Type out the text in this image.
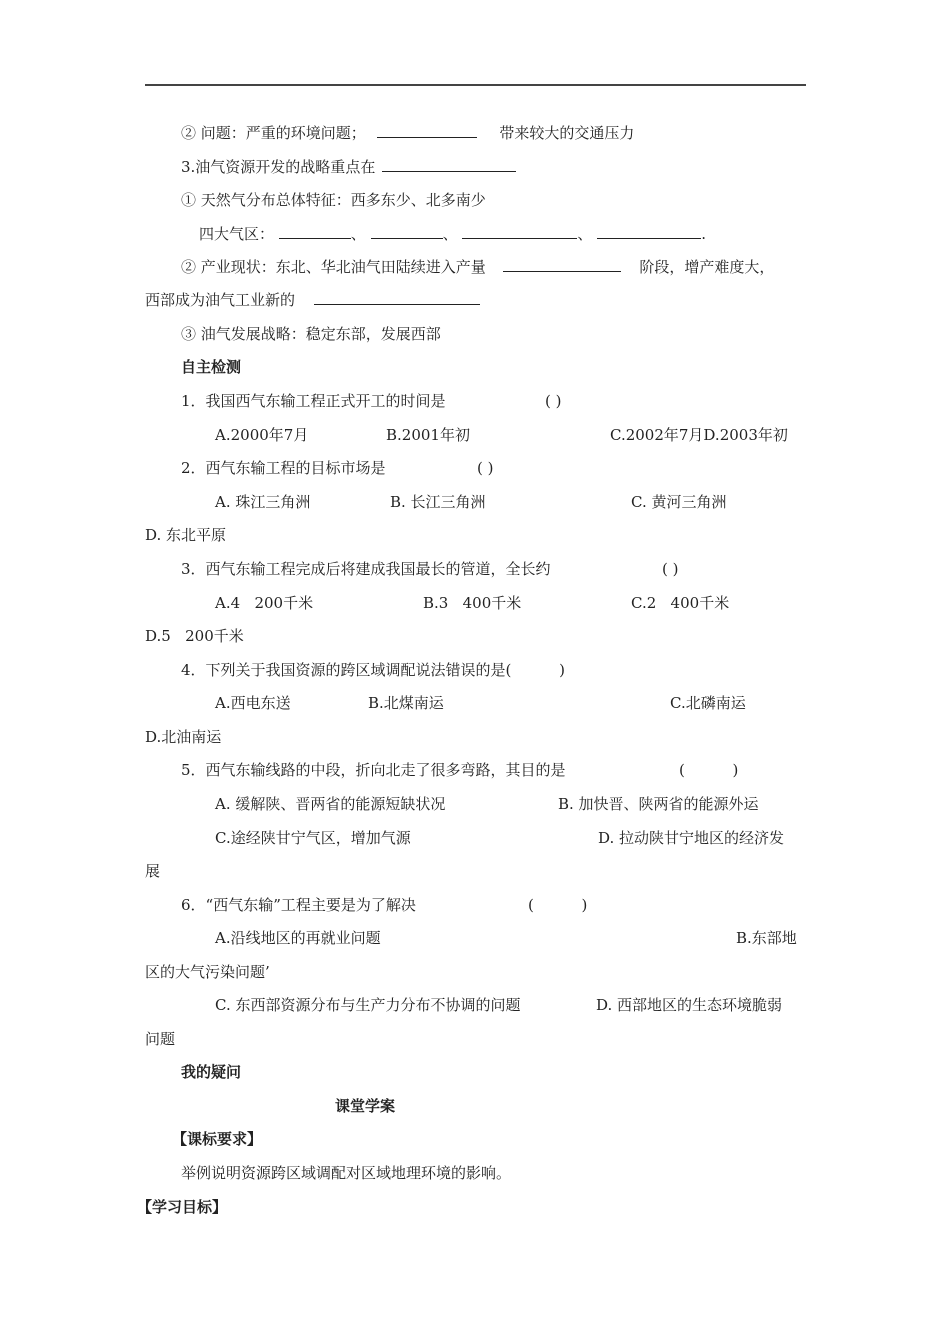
② 问题：严重的环境问题；	带来较大的交通压力
3.油气资源开发的战略重点在
① 天然气分布总体特征：西多东少、北多南少
四大气区：	、	、	、	.
② 产业现状：东北、华北油气田陆续进入产量	阶段，增产难度大，
西部成为油气工业新的
③ 油气发展战略：稳定东部，发展西部
自主检测
1．我国西气东输工程正式开工的时间是	( )
A.2000年7月	B.2001年初	C.2002年7月D.2003年初
2．西气东输工程的目标市场是	( )
A. 珠江三角洲	B. 长江三角洲	C. 黄河三角洲
D. 东北平原
3．西气东输工程完成后将建成我国最长的管道，全长约	( )
A.4   200千米	B.3   400千米	C.2   400千米
D.5   200千米
4．下列关于我国资源的跨区域调配说法错误的是(          )
A.西电东送	B.北煤南运	C.北磷南运
D.北油南运
5．西气东输线路的中段，折向北走了很多弯路，其目的是	(          )
A. 缓解陕、晋两省的能源短缺状况	B. 加快晋、陕两省的能源外运
C.途经陕甘宁气区，增加气源	D. 拉动陕甘宁地区的经济发
展
6．“西气东输”工程主要是为了解决	(          )
A.沿线地区的再就业问题	B.东部地
区的大气污染问题’
C. 东西部资源分布与生产力分布不协调的问题	D. 西部地区的生态环境脆弱
问题
我的疑问
课堂学案
【课标要求】
举例说明资源跨区域调配对区域地理环境的影响。
【学习目标】
